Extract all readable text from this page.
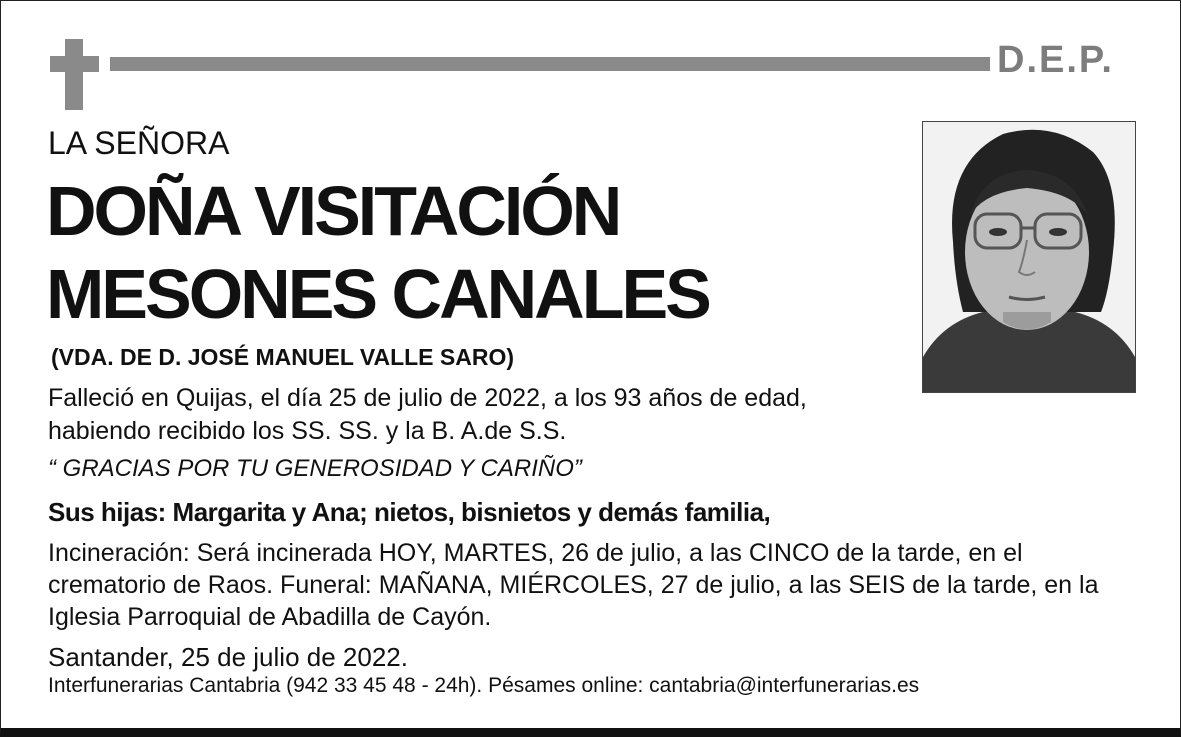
D.E.P.
LA SEÑORA
DOÑA VISITACIÓN
MESONES CANALES
(VDA. DE D. JOSÉ MANUEL VALLE SARO)
Falleció en Quijas, el día 25 de julio de 2022, a los 93 años de edad,
habiendo recibido los SS. SS. y la B. A.de S.S.
“ GRACIAS POR TU GENEROSIDAD Y CARIÑO”
Sus hijas: Margarita y Ana; nietos, bisnietos y demás familia,
Incineración: Será incinerada HOY, MARTES, 26 de julio, a las CINCO de la tarde, en el
crematorio de Raos. Funeral: MAÑANA, MIÉRCOLES, 27 de julio, a las SEIS de la tarde, en la
Iglesia Parroquial de Abadilla de Cayón.
Santander, 25 de julio de 2022.
Interfunerarias Cantabria (942 33 45 48 - 24h). Pésames online: cantabria@interfunerarias.es
